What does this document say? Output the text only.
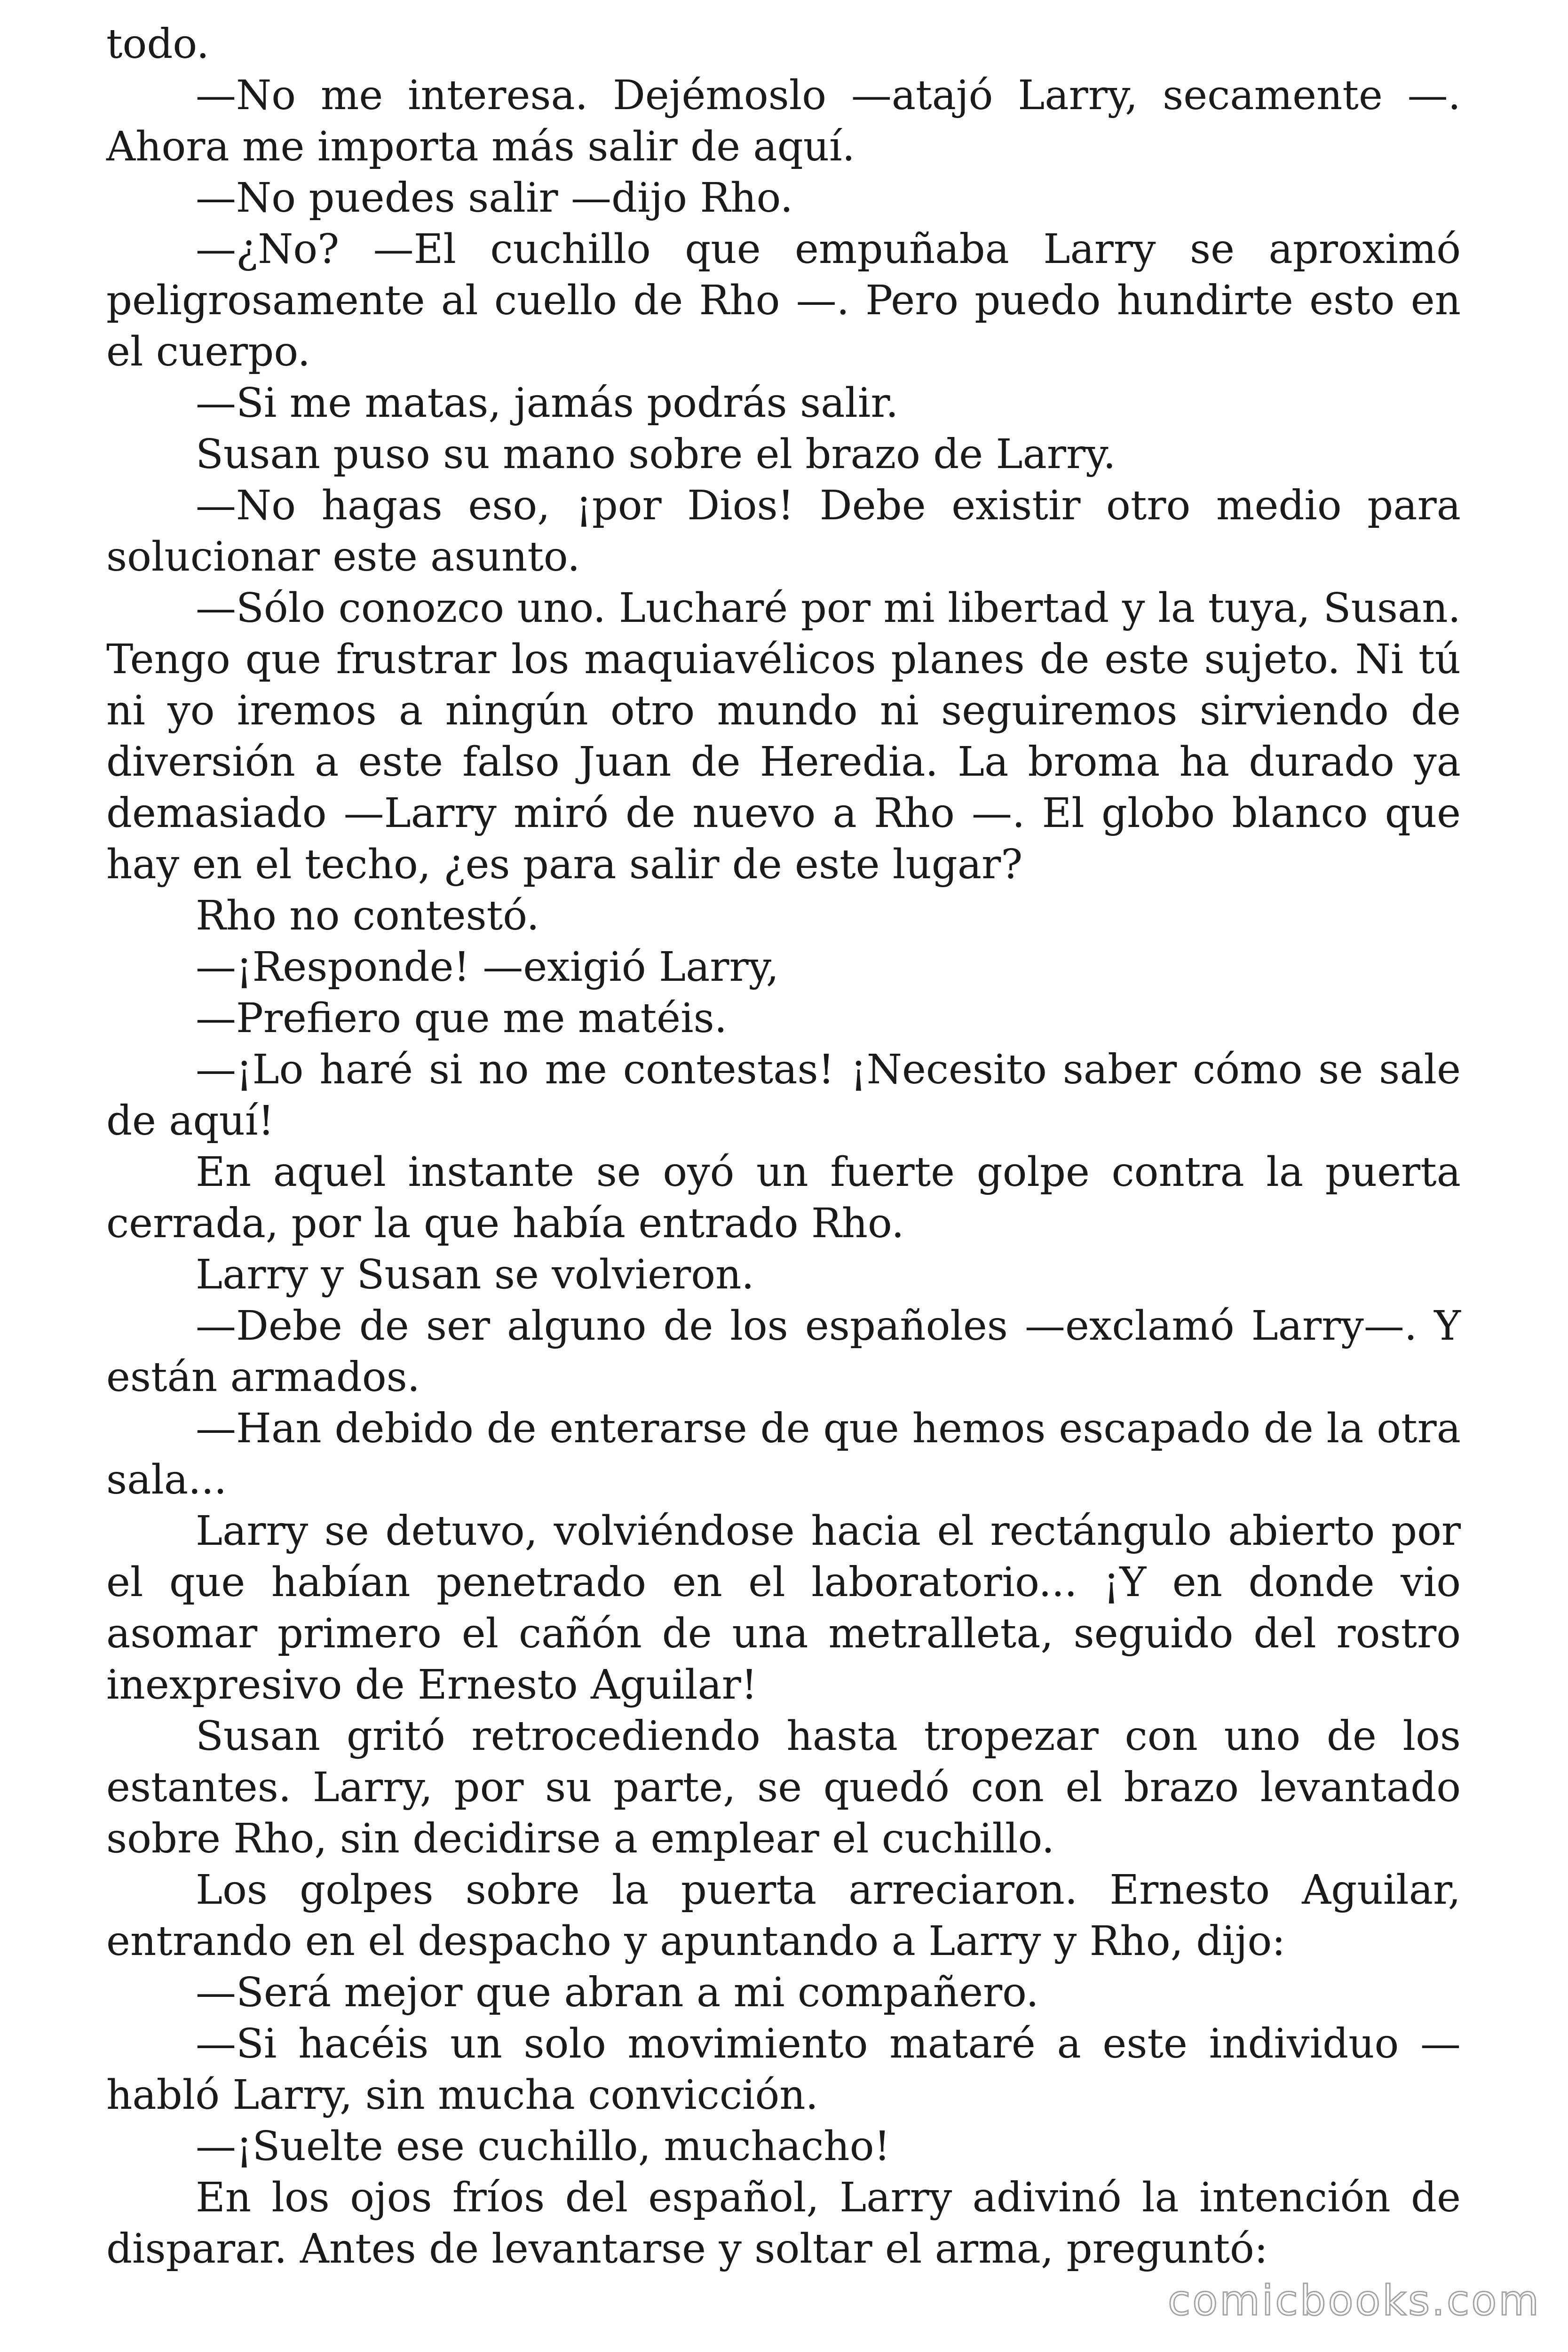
todo.

—No me interesa. Dejémoslo —atajó Larry, secamente —. Ahora me importa más salir de aquí.

—No puedes salir —dijo Rho.

—¿No? —El cuchillo que empuñaba Larry se aproximó peligrosamente al cuello de Rho —. Pero puedo hundirte esto en el cuerpo.

—Si me matas, jamás podrás salir.

Susan puso su mano sobre el brazo de Larry.

—No hagas eso, ¡por Dios! Debe existir otro medio para solucionar este asunto.

—Sólo conozco uno. Lucharé por mi libertad y la tuya, Susan. Tengo que frustrar los maquiavélicos planes de este sujeto. Ni tú ni yo iremos a ningún otro mundo ni seguiremos sirviendo de diversión a este falso Juan de Heredia. La broma ha durado ya demasiado —Larry miró de nuevo a Rho —. El globo blanco que hay en el techo, ¿es para salir de este lugar?

Rho no contestó.

—¡Responde! —exigió Larry,

—Prefiero que me matéis.

—¡Lo haré si no me contestas! ¡Necesito saber cómo se sale de aquí!

En aquel instante se oyó un fuerte golpe contra la puerta cerrada, por la que había entrado Rho.

Larry y Susan se volvieron.

—Debe de ser alguno de los españoles —exclamó Larry—. Y están armados.

—Han debido de enterarse de que hemos escapado de la otra sala...

Larry se detuvo, volviéndose hacia el rectángulo abierto por el que habían penetrado en el laboratorio... ¡Y en donde vio asomar primero el cañón de una metralleta, seguido del rostro inexpresivo de Ernesto Aguilar!

Susan gritó retrocediendo hasta tropezar con uno de los estantes. Larry, por su parte, se quedó con el brazo levantado sobre Rho, sin decidirse a emplear el cuchillo.

Los golpes sobre la puerta arreciaron. Ernesto Aguilar, entrando en el despacho y apuntando a Larry y Rho, dijo:

—Será mejor que abran a mi compañero.

—Si hacéis un solo movimiento mataré a este individuo —habló Larry, sin mucha convicción.

—¡Suelte ese cuchillo, muchacho!

En los ojos fríos del español, Larry adivinó la intención de disparar. Antes de levantarse y soltar el arma, preguntó:

comicbooks.com
